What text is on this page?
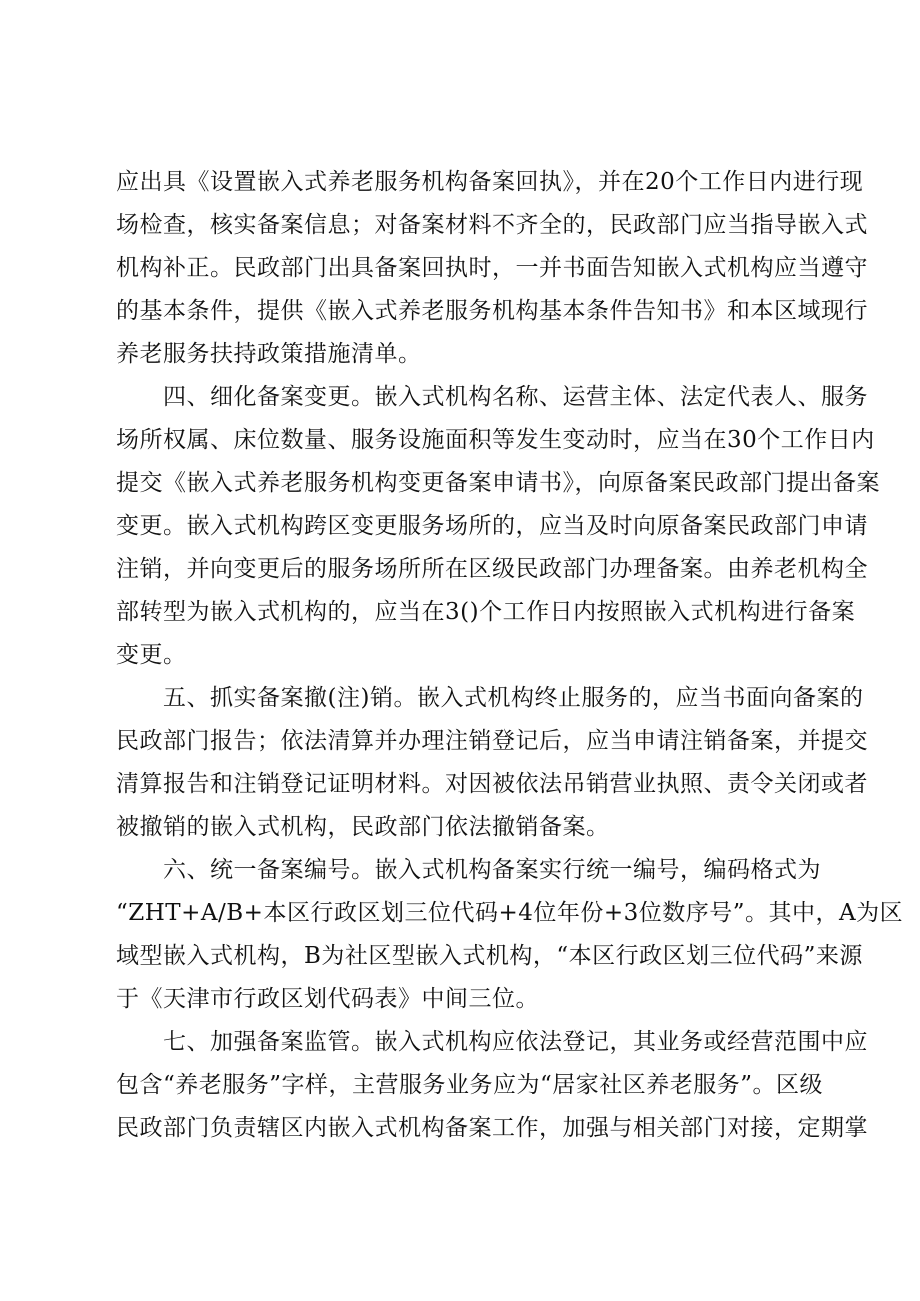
应出具《设置嵌入式养老服务机构备案回执》，并在20个工作日内进行现
场检查，核实备案信息；对备案材料不齐全的，民政部门应当指导嵌入式
机构补正。民政部门出具备案回执时，一并书面告知嵌入式机构应当遵守
的基本条件，提供《嵌入式养老服务机构基本条件告知书》和本区域现行
养老服务扶持政策措施清单。
四、细化备案变更。嵌入式机构名称、运营主体、法定代表人、服务
场所权属、床位数量、服务设施面积等发生变动时，应当在30个工作日内
提交《嵌入式养老服务机构变更备案申请书》，向原备案民政部门提出备案
变更。嵌入式机构跨区变更服务场所的，应当及时向原备案民政部门申请
注销，并向变更后的服务场所所在区级民政部门办理备案。由养老机构全
部转型为嵌入式机构的，应当在3()个工作日内按照嵌入式机构进行备案
变更。
五、抓实备案撤(注)销。嵌入式机构终止服务的，应当书面向备案的
民政部门报告；依法清算并办理注销登记后，应当申请注销备案，并提交
清算报告和注销登记证明材料。对因被依法吊销营业执照、责令关闭或者
被撤销的嵌入式机构，民政部门依法撤销备案。
六、统一备案编号。嵌入式机构备案实行统一编号，编码格式为
“ZHT+A/B+本区行政区划三位代码+4位年份+3位数序号”。其中，A为区
域型嵌入式机构，B为社区型嵌入式机构，“本区行政区划三位代码”来源
于《天津市行政区划代码表》中间三位。
七、加强备案监管。嵌入式机构应依法登记，其业务或经营范围中应
包含“养老服务”字样，主营服务业务应为“居家社区养老服务”。区级
民政部门负责辖区内嵌入式机构备案工作，加强与相关部门对接，定期掌
